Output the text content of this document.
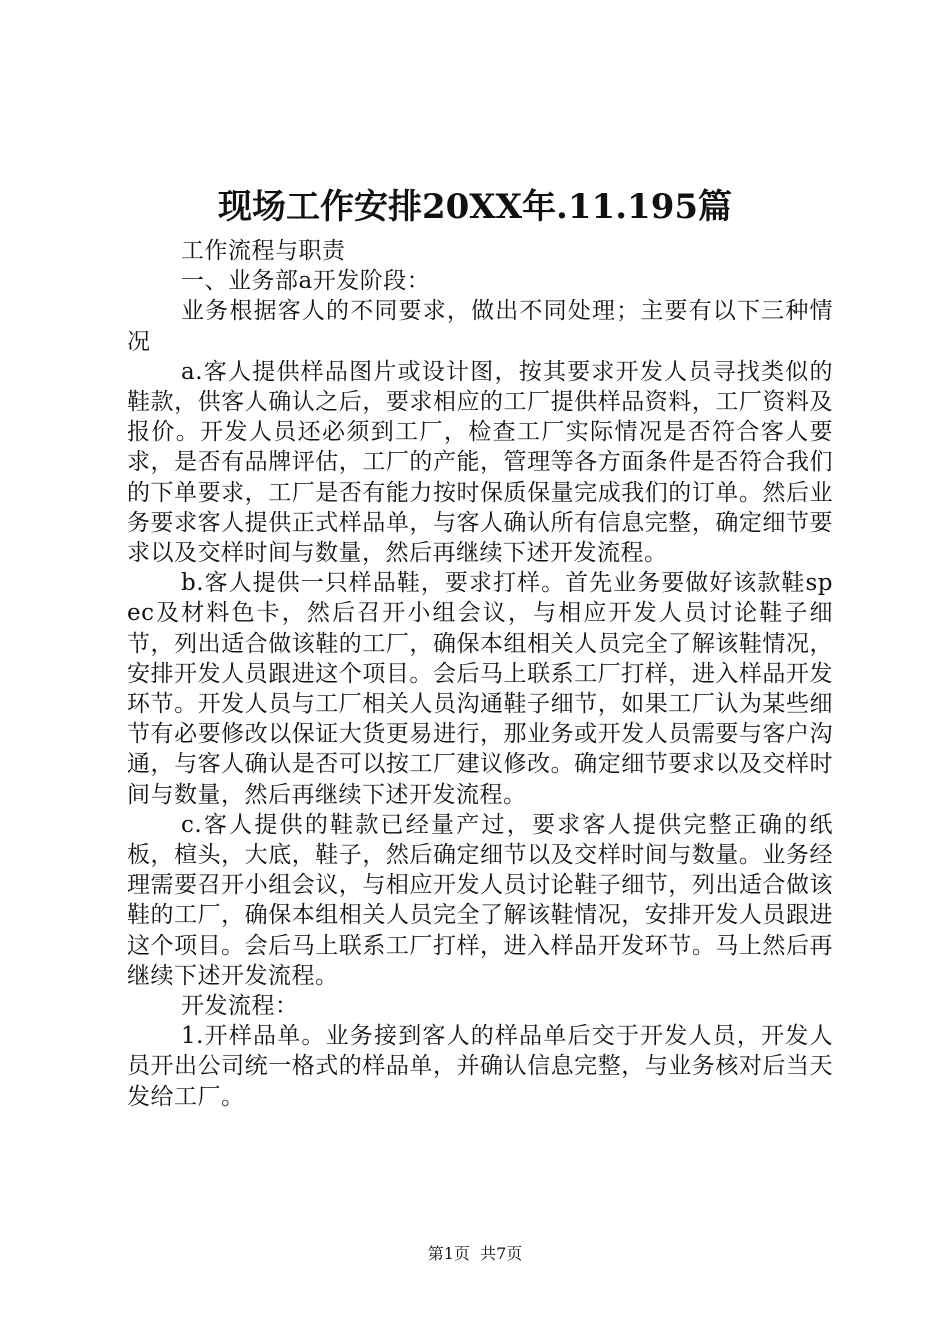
现场工作安排20XX年.11.195篇

工作流程与职责

一、业务部a开发阶段：

业务根据客人的不同要求，做出不同处理；主要有以下三种情况

a.客人提供样品图片或设计图，按其要求开发人员寻找类似的鞋款，供客人确认之后，要求相应的工厂提供样品资料，工厂资料及报价。开发人员还必须到工厂，检查工厂实际情况是否符合客人要求，是否有品牌评估，工厂的产能，管理等各方面条件是否符合我们的下单要求，工厂是否有能力按时保质保量完成我们的订单。然后业务要求客人提供正式样品单，与客人确认所有信息完整，确定细节要求以及交样时间与数量，然后再继续下述开发流程。

b.客人提供一只样品鞋，要求打样。首先业务要做好该款鞋spec及材料色卡，然后召开小组会议，与相应开发人员讨论鞋子细节，列出适合做该鞋的工厂，确保本组相关人员完全了解该鞋情况，安排开发人员跟进这个项目。会后马上联系工厂打样，进入样品开发环节。开发人员与工厂相关人员沟通鞋子细节，如果工厂认为某些细节有必要修改以保证大货更易进行，那业务或开发人员需要与客户沟通，与客人确认是否可以按工厂建议修改。确定细节要求以及交样时间与数量，然后再继续下述开发流程。

c.客人提供的鞋款已经量产过，要求客人提供完整正确的纸板，楦头，大底，鞋子，然后确定细节以及交样时间与数量。业务经理需要召开小组会议，与相应开发人员讨论鞋子细节，列出适合做该鞋的工厂，确保本组相关人员完全了解该鞋情况，安排开发人员跟进这个项目。会后马上联系工厂打样，进入样品开发环节。马上然后再继续下述开发流程。

开发流程：

1.开样品单。业务接到客人的样品单后交于开发人员，开发人员开出公司统一格式的样品单，并确认信息完整，与业务核对后当天发给工厂。

第1页 共7页
